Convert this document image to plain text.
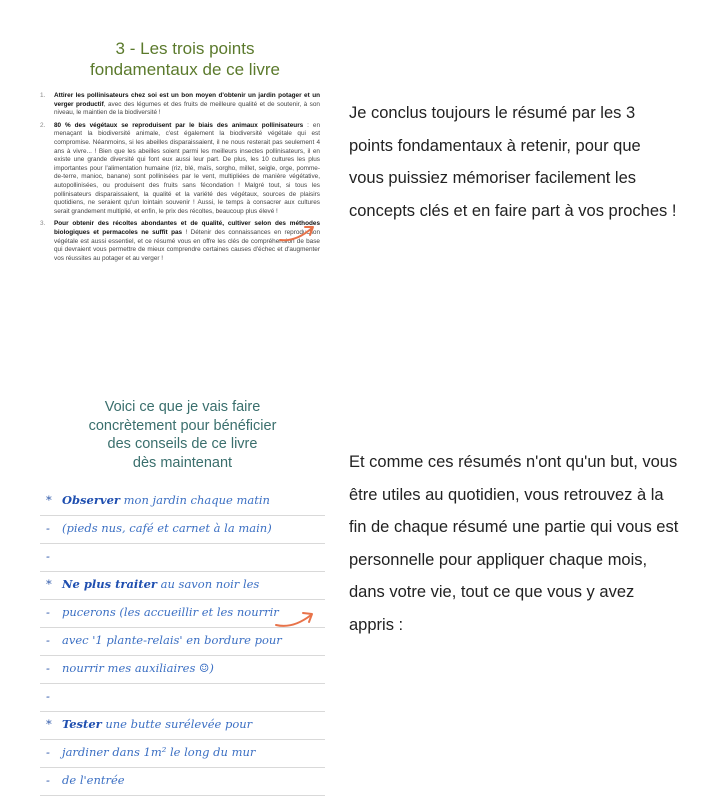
3 - Les trois points
fondamentaux de ce livre
1. Attirer les pollinisateurs chez soi est un bon moyen d'obtenir un jardin potager et un verger productif, avec des légumes et des fruits de meilleure qualité et de soutenir, à son niveau, le maintien de la biodiversité !
2. 80 % des végétaux se reproduisent par le biais des animaux pollinisateurs : en menaçant la biodiversité animale, c'est également la biodiversité végétale qui est compromise. Néanmoins, si les abeilles disparaissaient, il ne nous resterait pas seulement 4 ans à vivre... ! Bien que les abeilles soient parmi les meilleurs insectes pollinisateurs, il en existe une grande diversité qui font eux aussi leur part. De plus, les 10 cultures les plus importantes pour l'alimentation humaine (riz, blé, maïs, sorgho, millet, seigle, orge, pomme-de-terre, manioc, banane) sont pollinisées par le vent, multipliées de manière végétative, autopollinisées, ou produisent des fruits sans fécondation ! Malgré tout, si tous les pollinisateurs disparaissaient, la qualité et la variété des végétaux, sources de plaisirs quotidiens, ne seraient qu'un lointain souvenir ! Aussi, le temps à consacrer aux cultures serait grandement multiplié, et enfin, le prix des récoltes, beaucoup plus élevé !
3. Pour obtenir des récoltes abondantes et de qualité, cultiver selon des méthodes biologiques et permacoles ne suffit pas ! Détenir des connaissances en reproduction végétale est aussi essentiel, et ce résumé vous en offre les clés de compréhension de base qui devraient vous permettre de mieux comprendre certaines causes d'échec et d'augmenter vos réussites au potager et au verger !
Je conclus toujours le résumé par les 3 points fondamentaux à retenir, pour que vous puissiez mémoriser facilement les concepts clés et en faire part à vos proches !
Voici ce que je vais faire
concrètement pour bénéficier
des conseils de ce livre
dès maintenant
* Observer mon jardin chaque matin
- (pieds nus, café et carnet à la main)
-
* Ne plus traiter au savon noir les
- pucerons (les accueillir et les nourrir
- avec '1 plante-relais' en bordure pour
- nourrir mes auxiliaires ☺)
-
* Tester une butte surélevée pour
- jardiner dans 1m² le long du mur
- de l'entrée
Et comme ces résumés n'ont qu'un but, vous être utiles au quotidien, vous retrouvez à la fin de chaque résumé une partie qui vous est personnelle pour appliquer chaque mois, dans votre vie, tout ce que vous y avez appris :
